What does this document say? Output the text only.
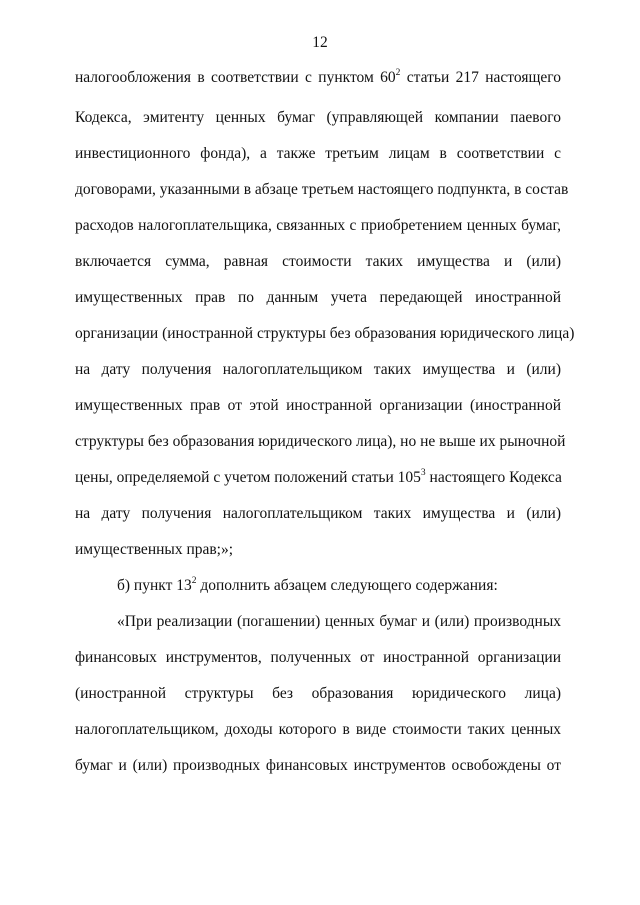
12
налогообложения в соответствии с пунктом $60^2$ статьи 217 настоящего
Кодекса, эмитенту ценных бумаг (управляющей компании паевого
инвестиционного фонда), а также третьим лицам в соответствии с
договорами, указанными в абзаце третьем настоящего подпункта, в состав
расходов налогоплательщика, связанных с приобретением ценных бумаг,
включается сумма, равная стоимости таких имущества и (или)
имущественных прав по данным учета передающей иностранной
организации (иностранной структуры без образования юридического лица)
на дату получения налогоплательщиком таких имущества и (или)
имущественных прав от этой иностранной организации (иностранной
структуры без образования юридического лица), но не выше их рыночной
цены, определяемой с учетом положений статьи $105^3$ настоящего Кодекса
на дату получения налогоплательщиком таких имущества и (или)
имущественных прав;»;
б) пункт $13^2$ дополнить абзацем следующего содержания:
«При реализации (погашении) ценных бумаг и (или) производных
финансовых инструментов, полученных от иностранной организации
(иностранной структуры без образования юридического лица)
налогоплательщиком, доходы которого в виде стоимости таких ценных
бумаг и (или) производных финансовых инструментов освобождены от
